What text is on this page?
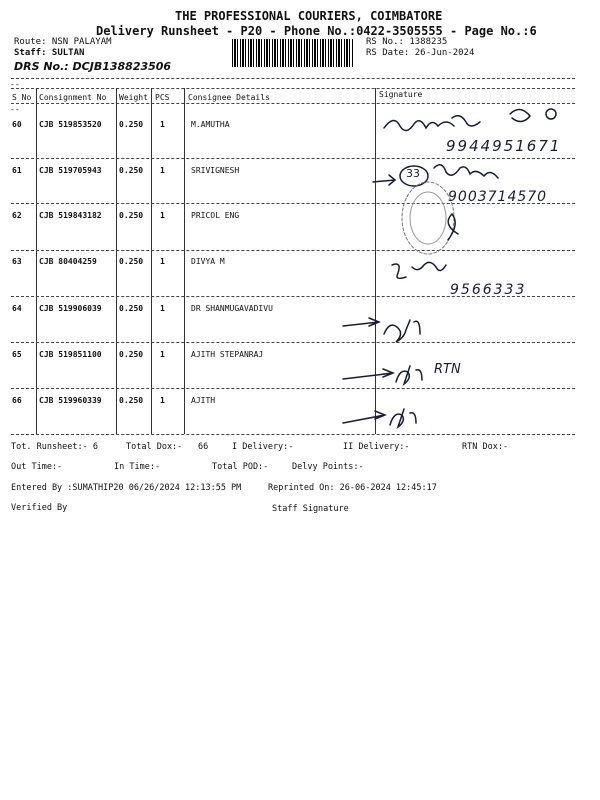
THE PROFESSIONAL COURIERS, COIMBATORE
Delivery Runsheet - P20 - Phone No.:0422-3505555 - Page No.:6
Route: NSN PALAYAM
Staff: SULTAN
DRS No.: DCJB138823506
RS No.: 1388235
RS Date: 26-Jun-2024
--
--
S No Consignment No Weight PCS Consignee Details	Signature
60 CJB 519853520 0.250 1	M.AMUTHA
61 CJB 519705943 0.250 1	SRIVIGNESH
62 CJB 519843182 0.250 1	PRICOL ENG
63 CJB 80404259	0.250 1	DIVYA M
64 CJB 519906039 0.250 1	DR SHANMUGAVADIVU
65 CJB 519851100 0.250 1	AJITH STEPANRAJ
66 CJB 519960339 0.250 1	AJITH
9944951671
33
9003714570
9566333
RTN
Tot. Runsheet:- 6	Total Dox:- 66	I Delivery:-	II Delivery:-	RTN Dox:-
Out Time:-	In Time:-	Total POD:-	Delvy Points:-
Entered By :SUMATHIP20 06/26/2024 12:13:55 PM	Reprinted On: 26-06-2024 12:45:17
Verified By	Staff Signature
